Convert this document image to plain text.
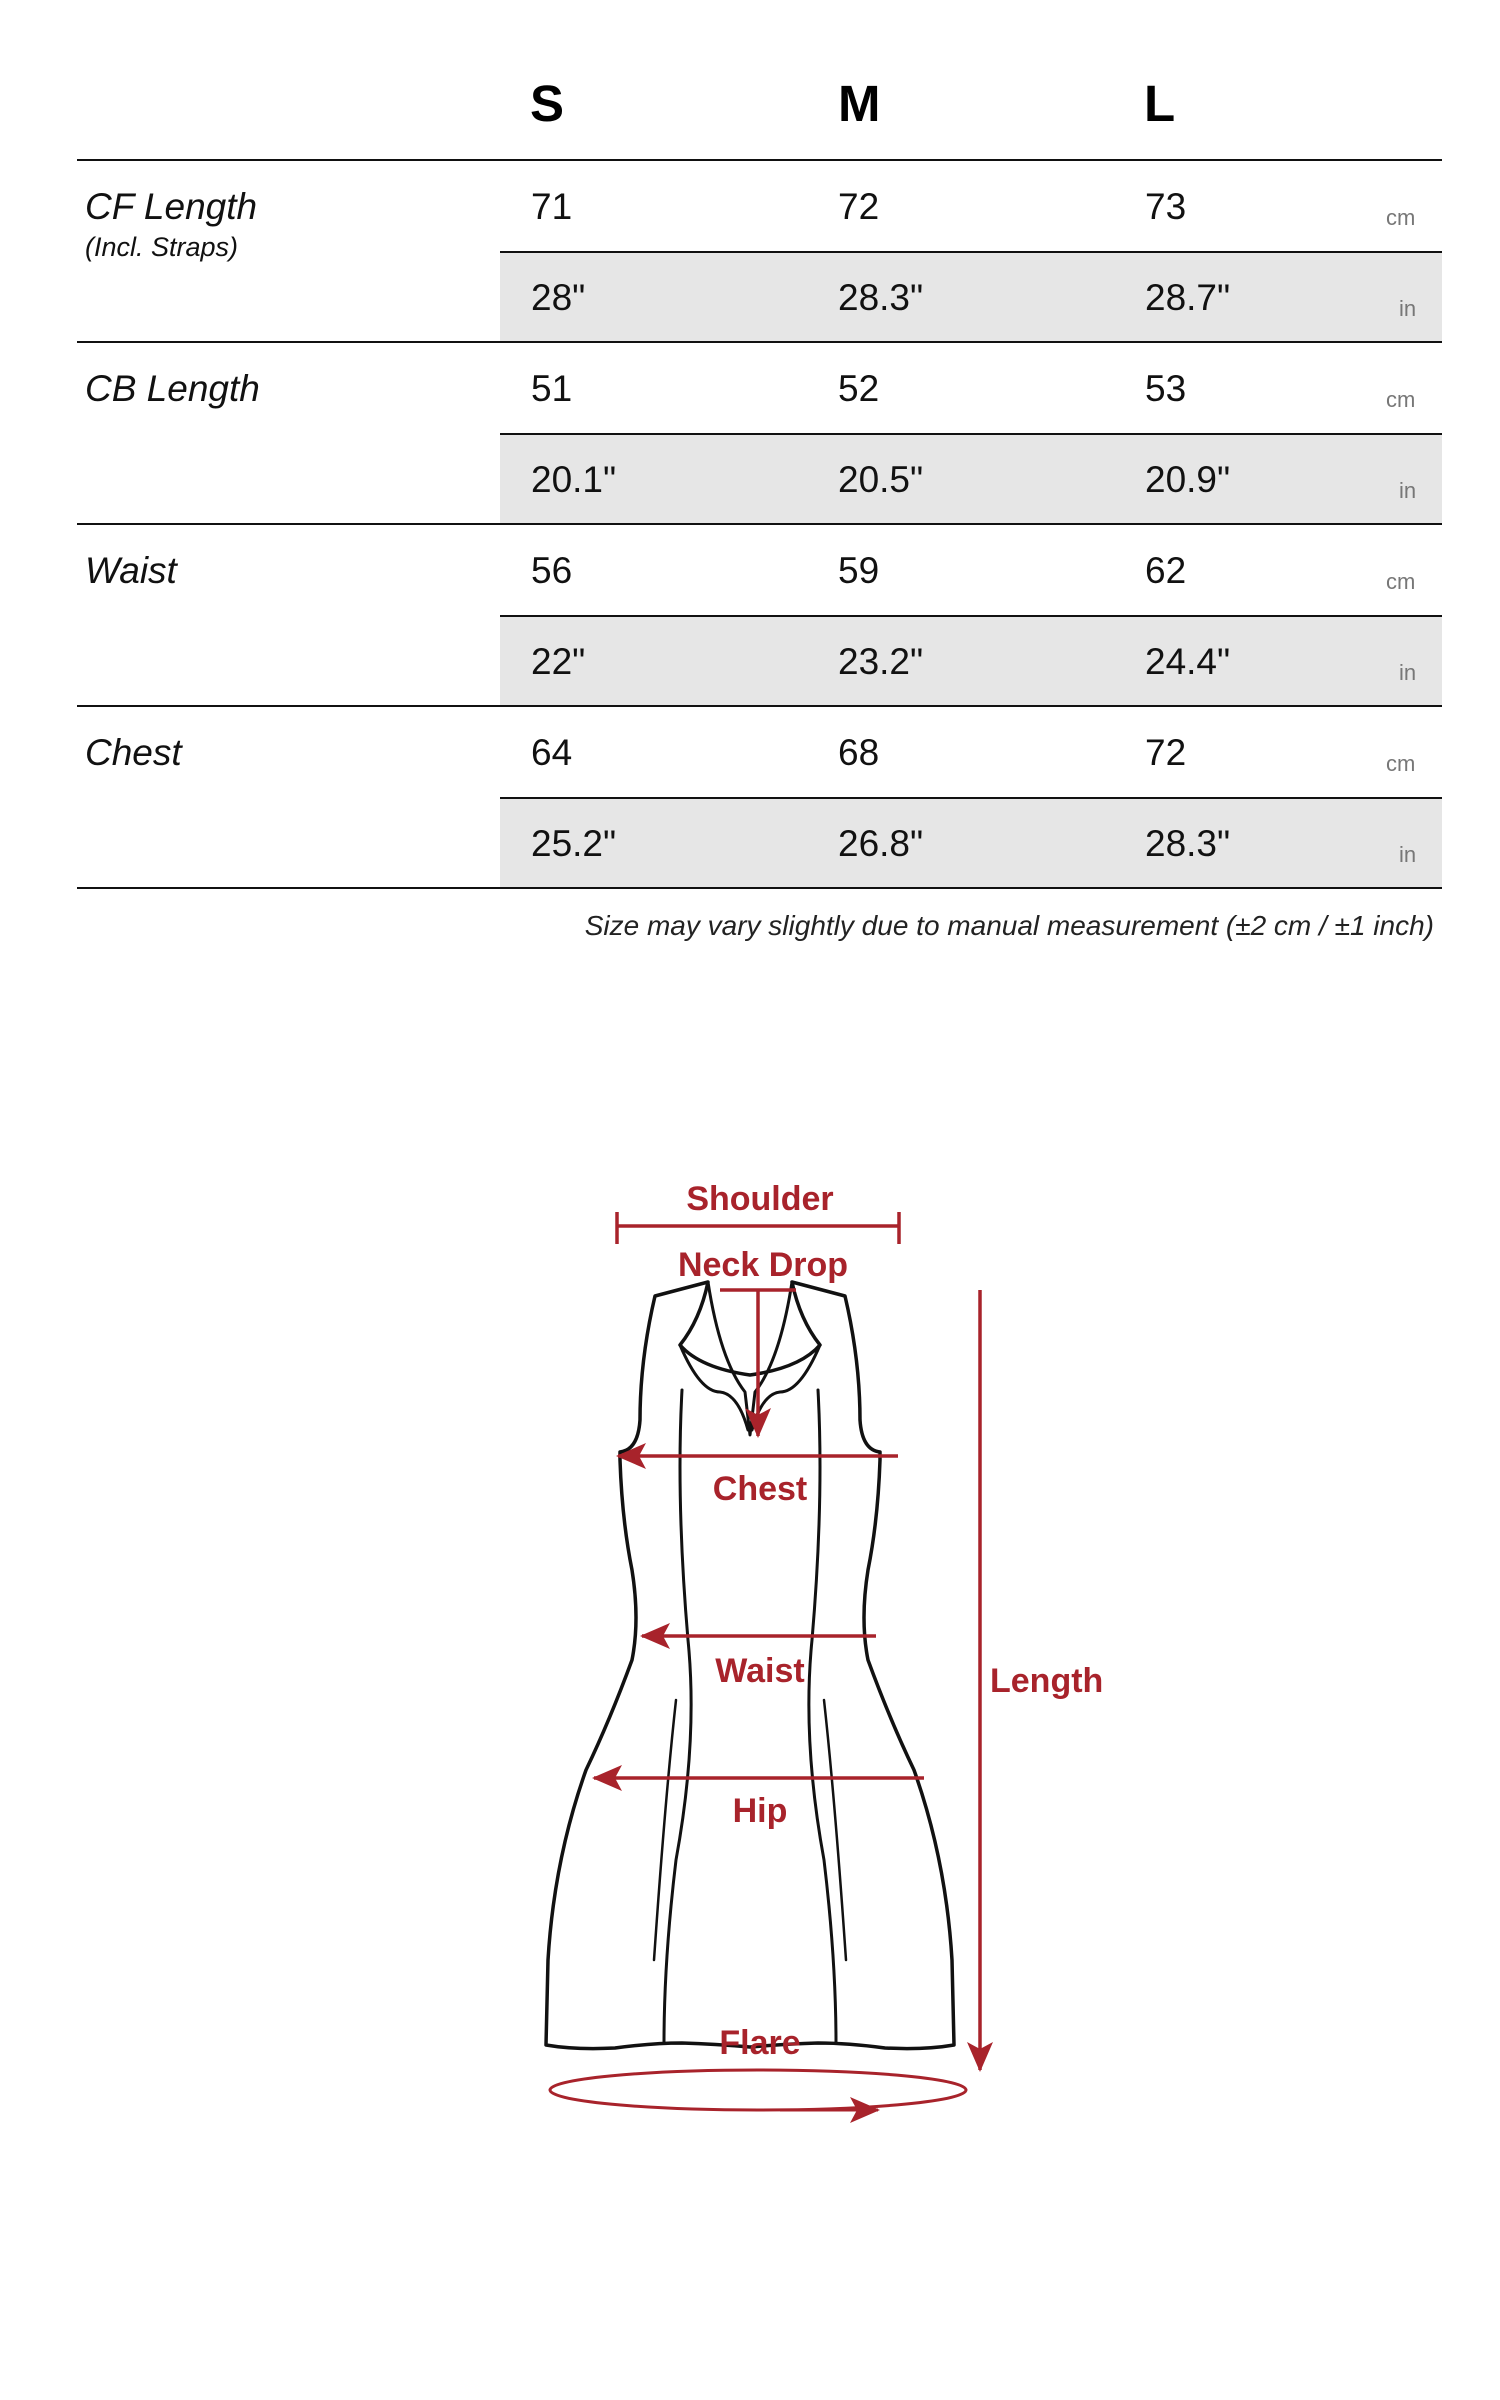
S	M	L
CF Length
(Incl. Straps)
71	72	73	cm
28"	28.3"	28.7"	in
CB Length	51	52	53	cm
20.1"	20.5"	20.9"	in
Waist	56	59	62	cm
22"	23.2"	24.4"	in
Chest	64	68	72	cm
25.2"	26.8"	28.3"	in
Size may vary slightly due to manual measurement (±2 cm / ±1 inch)
Shoulder
Neck Drop
Chest
Waist
Hip
Flare
Length
